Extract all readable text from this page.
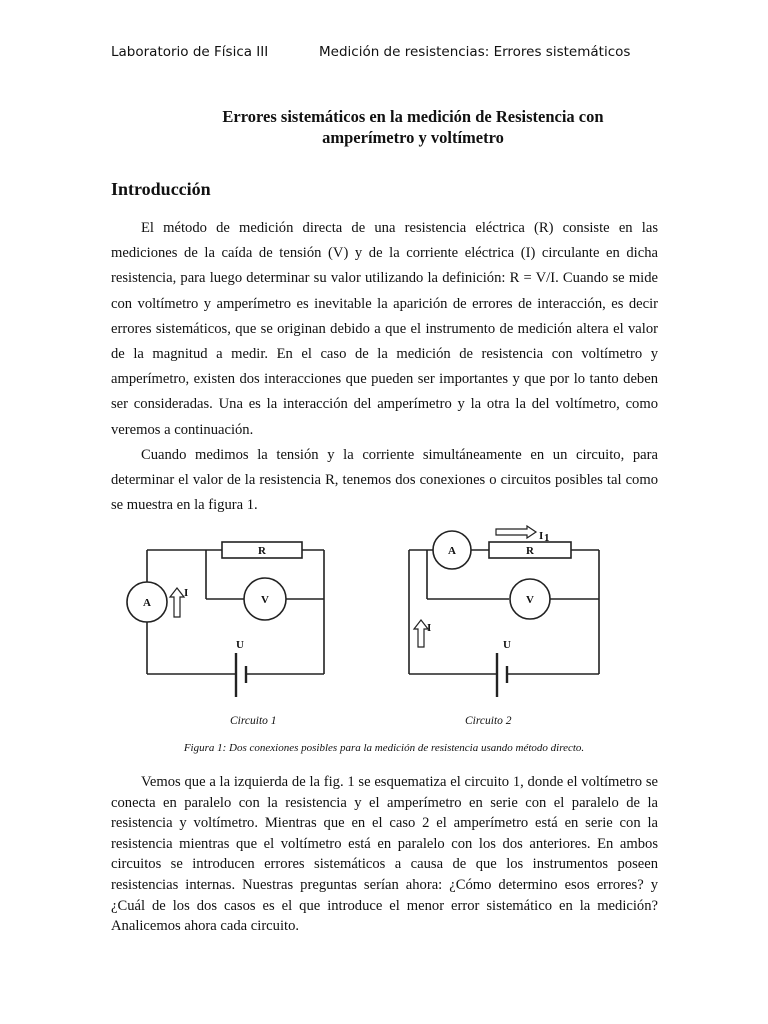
Laboratorio de Física III	Medición de resistencias: Errores sistemáticos
Errores sistemáticos en la medición de Resistencia con
amperímetro y voltímetro
Introducción

El método de medición directa de una resistencia eléctrica (R) consiste en las mediciones de la caída de tensión (V) y de la corriente eléctrica (I) circulante en dicha resistencia, para luego determinar su valor utilizando la definición: R = V/I. Cuando se mide con voltímetro y amperímetro es inevitable la aparición de errores de interacción, es decir errores sistemáticos, que se originan debido a que el instrumento de medición altera el valor de la magnitud a medir. En el caso de la medición de resistencia con voltímetro y amperímetro, existen dos interacciones que pueden ser importantes y que por lo tanto deben ser consideradas. Una es la interacción del amperímetro y la otra la del voltímetro, como veremos a continuación.

Cuando medimos la tensión y la corriente simultáneamente en un circuito, para determinar el valor de la resistencia R, tenemos dos conexiones o circuitos posibles tal como se muestra en la figura 1.

R
V
A
I
U
R
A
V
I
U
I 1
Circuito 1	Circuito 2
Figura 1: Dos conexiones posibles para la medición de resistencia usando método directo.

Vemos que a la izquierda de la fig. 1 se esquematiza el circuito 1, donde el voltímetro se conecta en paralelo con la resistencia y el amperímetro en serie con el paralelo de la resistencia y voltímetro. Mientras que en el caso 2 el amperímetro está en serie con la resistencia mientras que el voltímetro está en paralelo con los dos anteriores. En ambos circuitos se introducen errores sistemáticos a causa de que los instrumentos poseen resistencias internas. Nuestras preguntas serían ahora: ¿Cómo determino esos errores? y ¿Cuál de los dos casos es el que introduce el menor error sistemático en la medición? Analicemos ahora cada circuito.
